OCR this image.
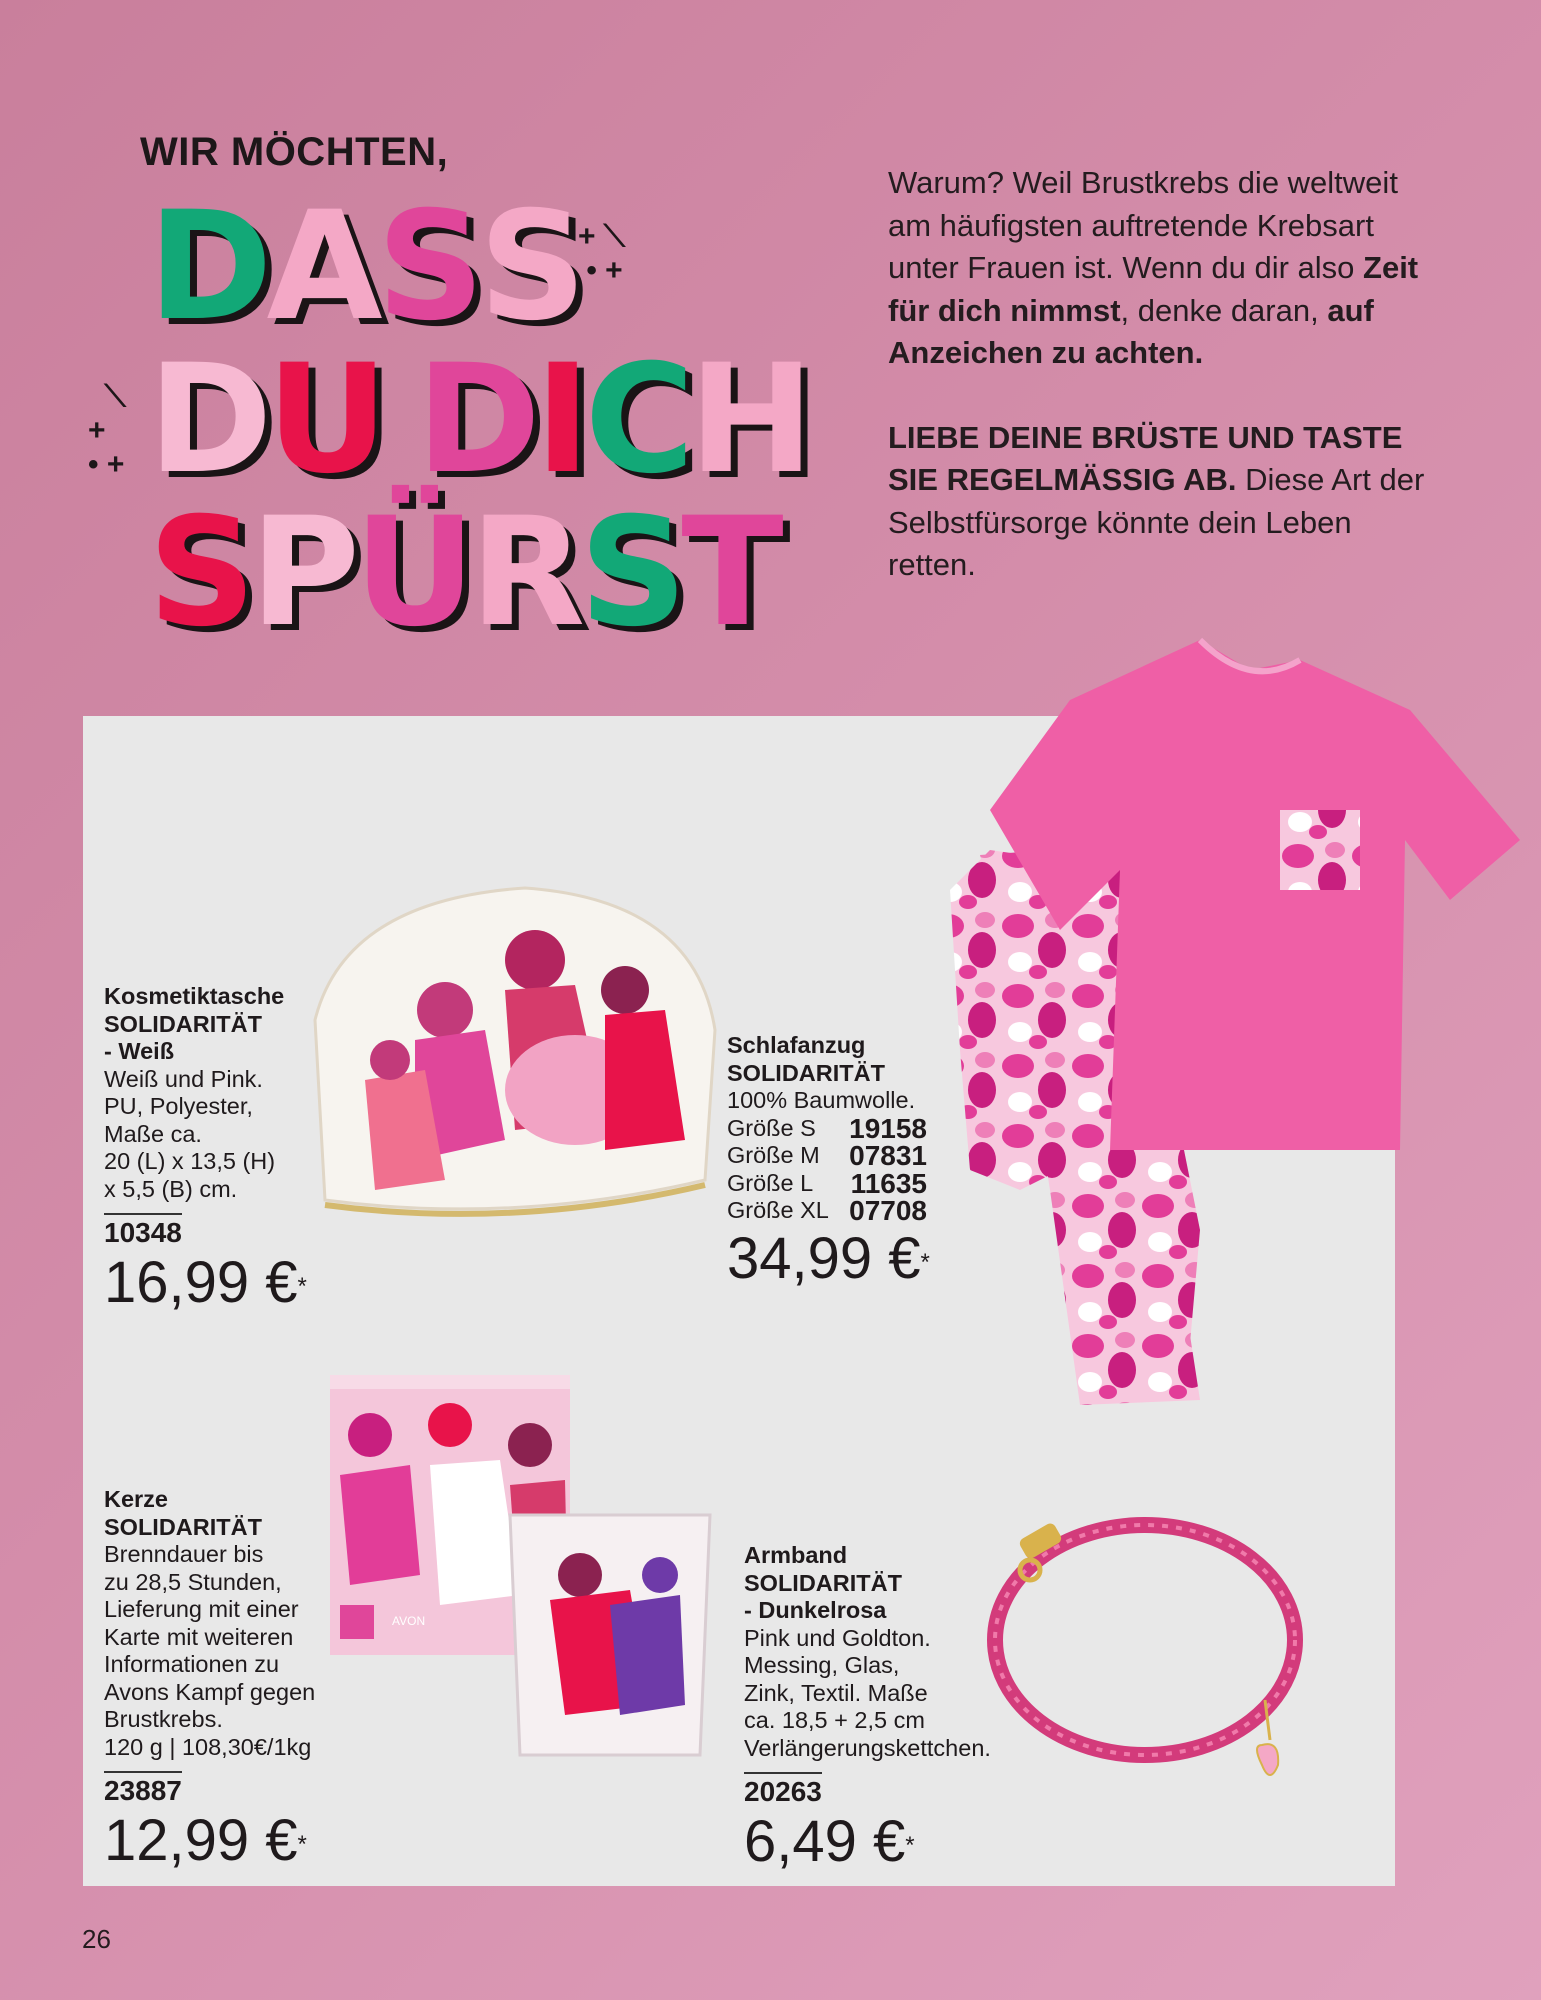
WIR MÖCHTEN,
DASS
+ ⟍
• +
⟍
+
• + DU DICH
SPÜRST

Warum? Weil Brustkrebs die weltweit am häufigsten auftretende Krebsart unter Frauen ist. Wenn du dir also Zeit für dich nimmst, denke daran, auf Anzeichen zu achten.

LIEBE DEINE BRÜSTE UND TASTE SIE REGELMÄSSIG AB. Diese Art der Selbstfürsorge könnte dein Leben retten.

AVON
Kosmetiktasche
SOLIDARITÄT
- Weiß
Weiß und Pink.
PU, Polyester,
Maße ca.
20 (L) x 13,5 (H)
x 5,5 (B) cm.
10348
16,99 €*
Schlafanzug
SOLIDARITÄT
100% Baumwolle.
Größe S 19158
Größe M 07831
Größe L 11635
Größe XL 07708
34,99 €*
Kerze
SOLIDARITÄT
Brenndauer bis
zu 28,5 Stunden,
Lieferung mit einer
Karte mit weiteren
Informationen zu
Avons Kampf gegen
Brustkrebs.
120 g | 108,30€/1kg
23887
12,99 €*
Armband
SOLIDARITÄT
- Dunkelrosa
Pink und Goldton.
Messing, Glas,
Zink, Textil. Maße
ca. 18,5 + 2,5 cm
Verlängerungskettchen.
20263
6,49 €*
26
